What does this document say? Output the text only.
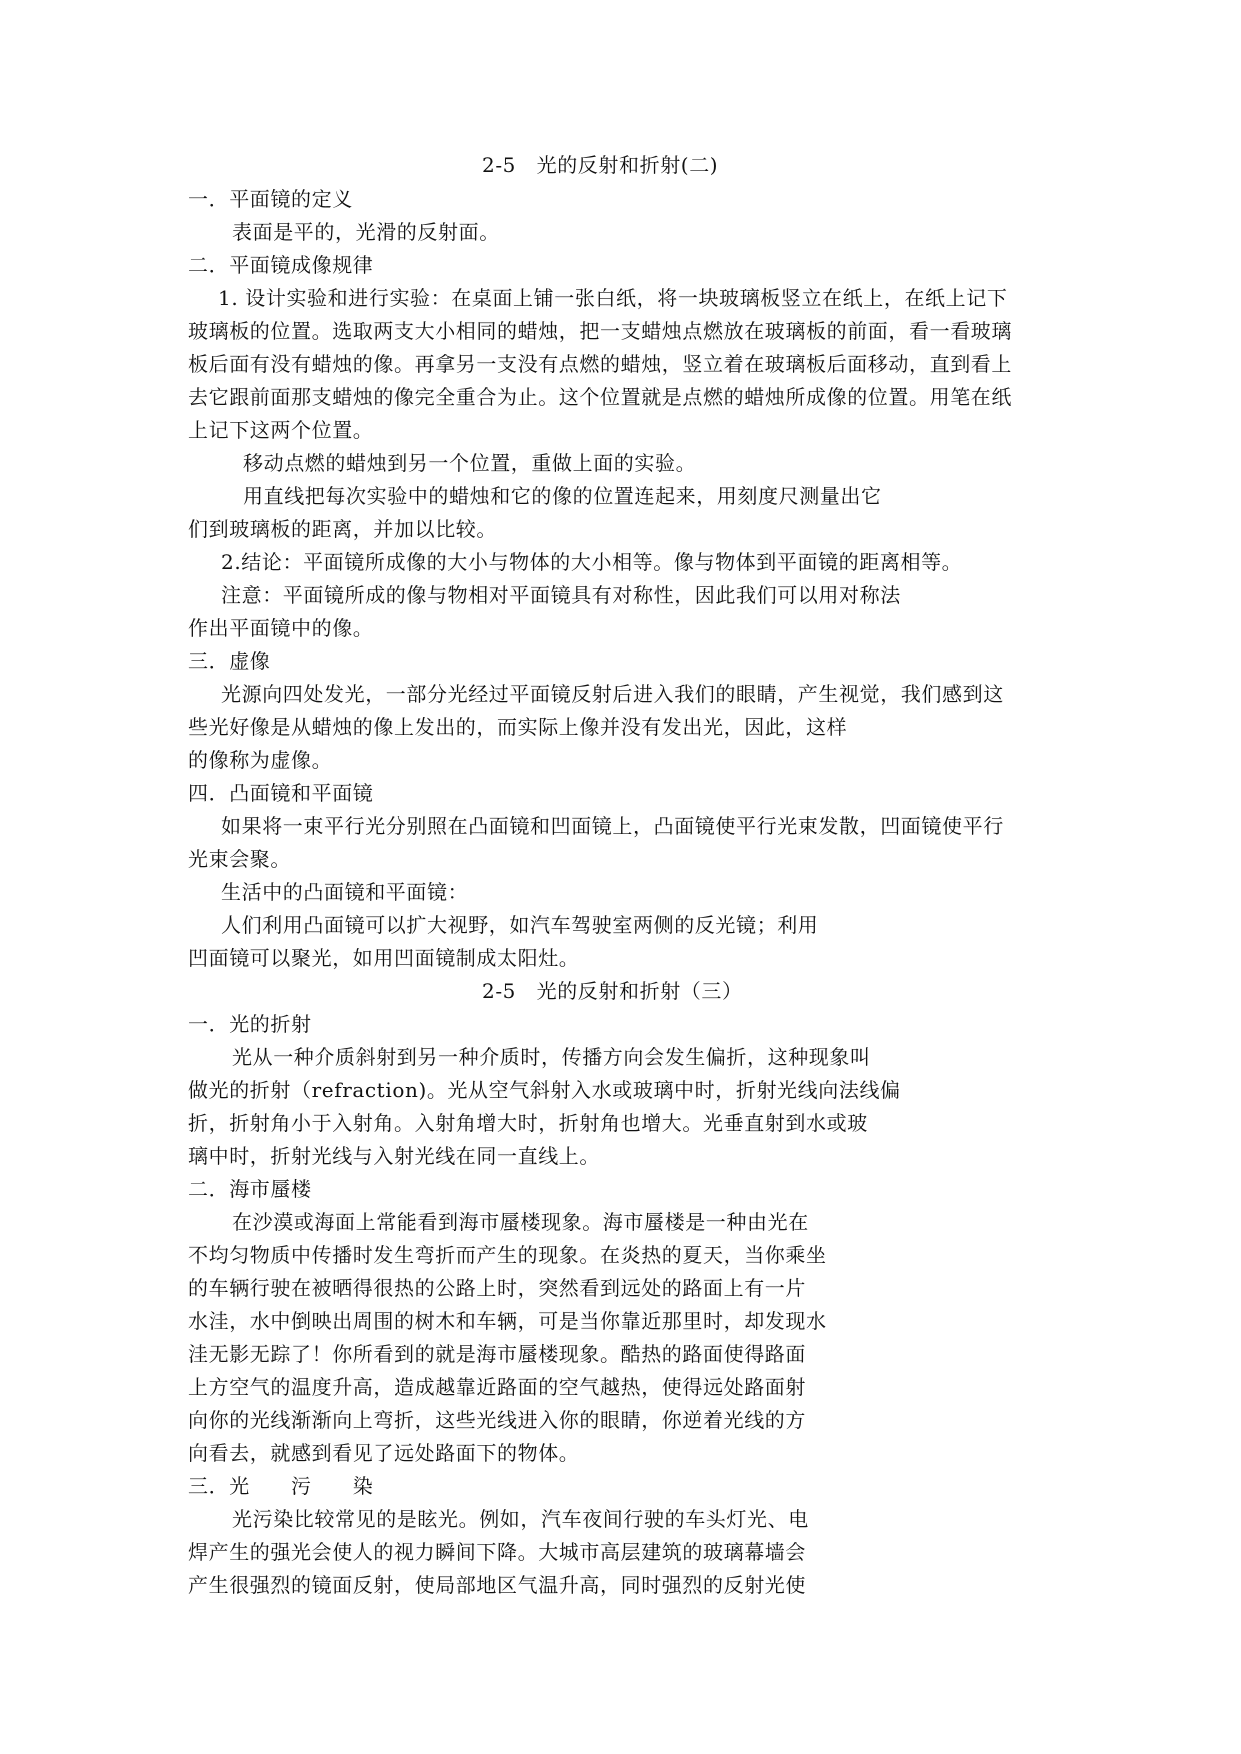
2-5　光的反射和折射(二)
一．平面镜的定义
表面是平的，光滑的反射面。
二．平面镜成像规律
1. 设计实验和进行实验：在桌面上铺一张白纸，将一块玻璃板竖立在纸上，在纸上记下
玻璃板的位置。选取两支大小相同的蜡烛，把一支蜡烛点燃放在玻璃板的前面，看一看玻璃
板后面有没有蜡烛的像。再拿另一支没有点燃的蜡烛，竖立着在玻璃板后面移动，直到看上
去它跟前面那支蜡烛的像完全重合为止。这个位置就是点燃的蜡烛所成像的位置。用笔在纸
上记下这两个位置。
移动点燃的蜡烛到另一个位置，重做上面的实验。
用直线把每次实验中的蜡烛和它的像的位置连起来，用刻度尺测量出它
们到玻璃板的距离，并加以比较。
2.结论：平面镜所成像的大小与物体的大小相等。像与物体到平面镜的距离相等。
注意：平面镜所成的像与物相对平面镜具有对称性，因此我们可以用对称法
作出平面镜中的像。
三．虚像
光源向四处发光，一部分光经过平面镜反射后进入我们的眼睛，产生视觉，我们感到这
些光好像是从蜡烛的像上发出的，而实际上像并没有发出光，因此，这样
的像称为虚像。
四．凸面镜和平面镜
如果将一束平行光分别照在凸面镜和凹面镜上，凸面镜使平行光束发散，凹面镜使平行
光束会聚。
生活中的凸面镜和平面镜：
人们利用凸面镜可以扩大视野，如汽车驾驶室两侧的反光镜；利用
凹面镜可以聚光，如用凹面镜制成太阳灶。
2-5　光的反射和折射（三）
一．光的折射
光从一种介质斜射到另一种介质时，传播方向会发生偏折，这种现象叫
做光的折射（refraction)。光从空气斜射入水或玻璃中时，折射光线向法线偏
折，折射角小于入射角。入射角增大时，折射角也增大。光垂直射到水或玻
璃中时，折射光线与入射光线在同一直线上。
二．海市蜃楼
在沙漠或海面上常能看到海市蜃楼现象。海市蜃楼是一种由光在
不均匀物质中传播时发生弯折而产生的现象。在炎热的夏天，当你乘坐
的车辆行驶在被晒得很热的公路上时，突然看到远处的路面上有一片
水洼，水中倒映出周围的树木和车辆，可是当你靠近那里时，却发现水
洼无影无踪了！你所看到的就是海市蜃楼现象。酷热的路面使得路面
上方空气的温度升高，造成越靠近路面的空气越热，使得远处路面射
向你的光线渐渐向上弯折，这些光线进入你的眼睛，你逆着光线的方
向看去，就感到看见了远处路面下的物体。
三．光　　污　　染
光污染比较常见的是眩光。例如，汽车夜间行驶的车头灯光、电
焊产生的强光会使人的视力瞬间下降。大城市高层建筑的玻璃幕墙会
产生很强烈的镜面反射，使局部地区气温升高，同时强烈的反射光使
